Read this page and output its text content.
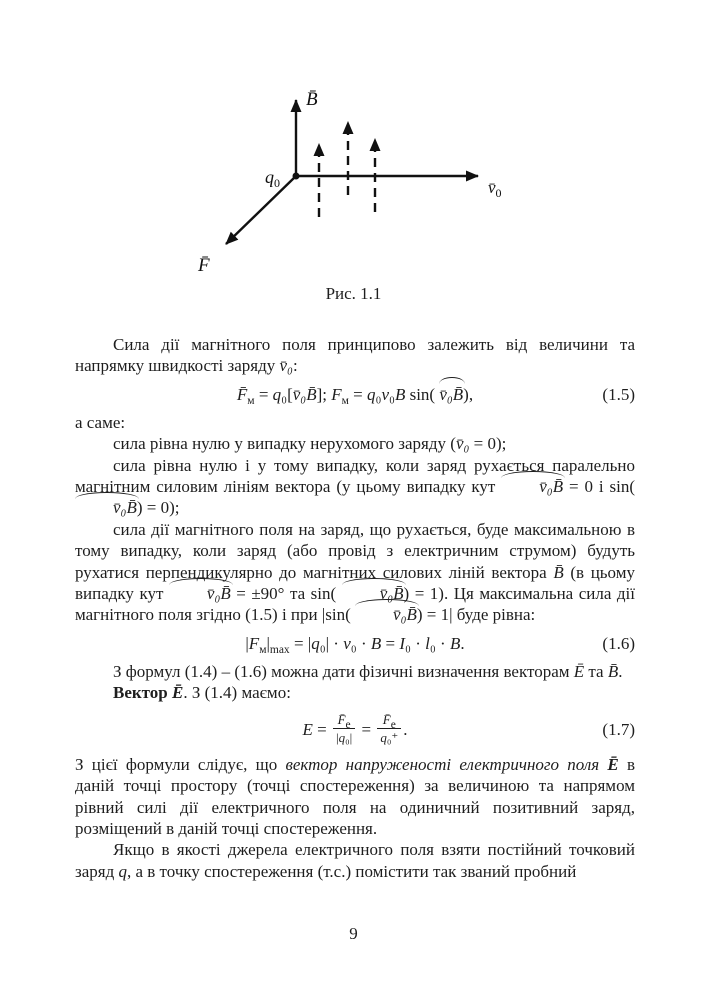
B̄
$v̄_0$
F̄
$q_0$
Рис. 1.1

Сила дії магнітного поля принципово залежить від величини та напрямку швидкості заряду v̄₀:

$F̄_м$ = q₀[v̄₀B̄]; $F_м = q_0v_0B$ sin( v̄₀B̄),	(1.5)

а саме:

сила рівна нулю у випадку нерухомого заряду (v̄₀ = 0);

сила рівна нулю і у тому випадку, коли заряд рухається паралельно магнітним силовим лініям вектора (у цьому випадку кут v̄₀B̄ = 0 і sin( v̄₀B̄) = 0);

сила дії магнітного поля на заряд, що рухається, буде максимальною в тому випадку, коли заряд (або провід з електричним струмом) будуть рухатися перпендикулярно до магнітних силових ліній вектора B̄ (в цьому випадку кут v̄₀B̄ = ±90° та sin( v̄₀B̄) = 1). Ця максимальна сила дії магнітного поля згідно (1.5) і при |sin( v̄₀B̄) = 1| буде рівна:

$|F_м|_{max} = |q_0| \cdot v_0 \cdot B = I_0 \cdot l_0 \cdot B$.	(1.6)

З формул (1.4) – (1.6) можна дати фізичні визначення векторам Ē та B̄.

Вектор Ē. З (1.4) маємо:

$E = \frac{F̄е}{\text{|q₀|}} = \frac{F̄е}{\text{q₀⁺}}$ .	(1.7)

З цієї формули слідує, що вектор напруженості електричного поля Ē в даній точці простору (точці спостереження) за величиною та напрямом рівний силі дії електричного поля на одиничний позитивний заряд, розміщений в даній точці спостереження.

Якщо в якості джерела електричного поля взяти постійний точковий заряд q, а в точку спостереження (т.с.) помістити так званий пробний

9
